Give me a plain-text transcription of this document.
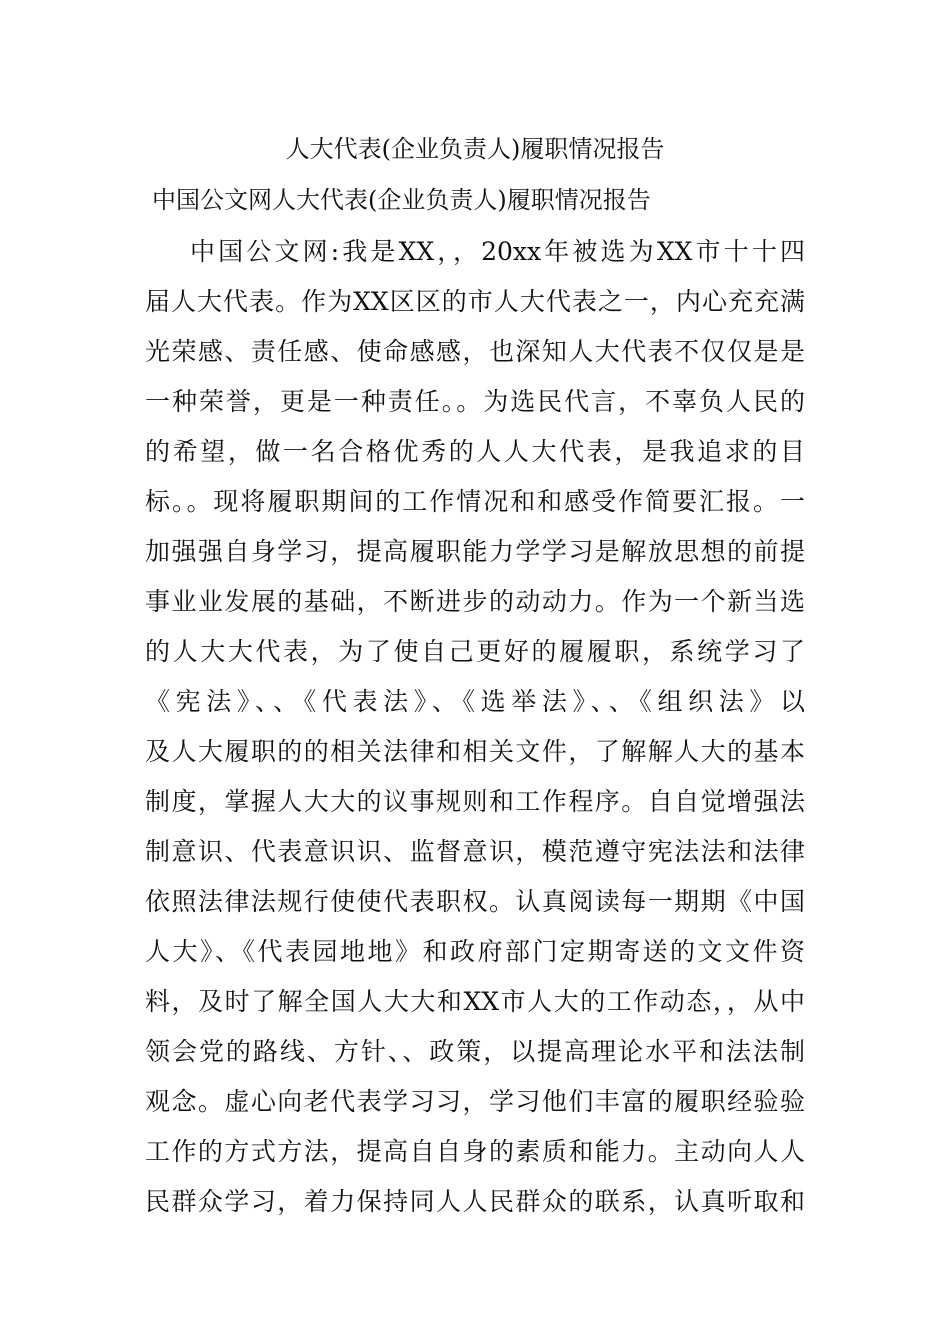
人大代表(企业负责人)履职情况报告
中国公文网人大代表(企业负责人)履职情况报告
中国公文网:我是XX，，20xx年被选为XX市十十四
届人大代表。作为XX区区的市人大代表之一，内心充充满
光荣感、责任感、使命感感，也深知人大代表不仅仅是是
一种荣誉，更是一种责任。。为选民代言，不辜负人民的
的希望，做一名合格优秀的人人大代表，是我追求的目
标。。现将履职期间的工作情况和和感受作简要汇报。一
加强强自身学习，提高履职能力学学习是解放思想的前提
事业业发展的基础，不断进步的动动力。作为一个新当选
的人大大代表，为了使自己更好的履履职，系统学习了
《宪法》、、《代表法》、《选举法》、、《组织法》以
及人大履职的的相关法律和相关文件，了解解人大的基本
制度，掌握人大大的议事规则和工作程序。自自觉增强法
制意识、代表意识识、监督意识，模范遵守宪法法和法律
依照法律法规行使使代表职权。认真阅读每一期期《中国
人大》、《代表园地地》和政府部门定期寄送的文文件资
料，及时了解全国人大大和XX市人大的工作动态，，从中
领会党的路线、方针、、政策，以提高理论水平和法法制
观念。虚心向老代表学习习，学习他们丰富的履职经验验
工作的方式方法，提高自自身的素质和能力。主动向人人
民群众学习，着力保持同人人民群众的联系，认真听取和
